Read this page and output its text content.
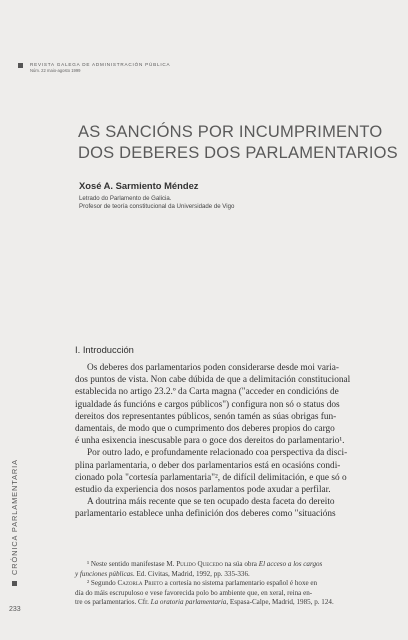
REVISTA GALEGA DE ADMINISTRACIÓN PÚBLICA
Núm. 22 maio-agosto 1999
AS SANCIÓNS POR INCUMPRIMENTO
DOS DEBERES DOS PARLAMENTARIOS
Xosé A. Sarmiento Méndez
Letrado do Parlamento de Galicia.
Profesor de teoría constitucional da Universidade de Vigo
I. Introducción

Os deberes dos parlamentarios poden considerarse desde moi varia-
dos puntos de vista. Non cabe dúbida de que a delimitación constitucional
establecida no artigo 23.2.º da Carta magna ("acceder en condicións de
igualdade ás funcións e cargos públicos") configura non só o status dos
dereitos dos representantes públicos, senón tamén as súas obrigas fun-
damentais, de modo que o cumprimento dos deberes propios do cargo
é unha esixencia inescusable para o goce dos dereitos do parlamentario¹.

Por outro lado, e profundamente relacionado coa perspectiva da disci-
plina parlamentaria, o deber dos parlamentarios está en ocasións condi-
cionado pola "cortesía parlamentaria"², de difícil delimitación, e que só o
estudio da experiencia dos nosos parlamentos pode axudar a perfilar.

A doutrina máis recente que se ten ocupado desta faceta do dereito
parlamentario establece unha definición dos deberes como "situacións

¹ Neste sentido manifestase M. Pulido Quecedo na súa obra El acceso a los cargos
y funciones públicas. Ed. Civitas, Madrid, 1992, pp. 335-336.
² Segundo Cazorla Prieto a cortesía no sistema parlamentario español é hoxe en
día do máis escrupuloso e vese favorecida polo bo ambiente que, en xeral, reina en-
tre os parlamentarios. Cfr. La oratoria parlamentaria, Espasa-Calpe, Madrid, 1985, p. 124.
CRÓNICA PARLAMENTARIA
233
